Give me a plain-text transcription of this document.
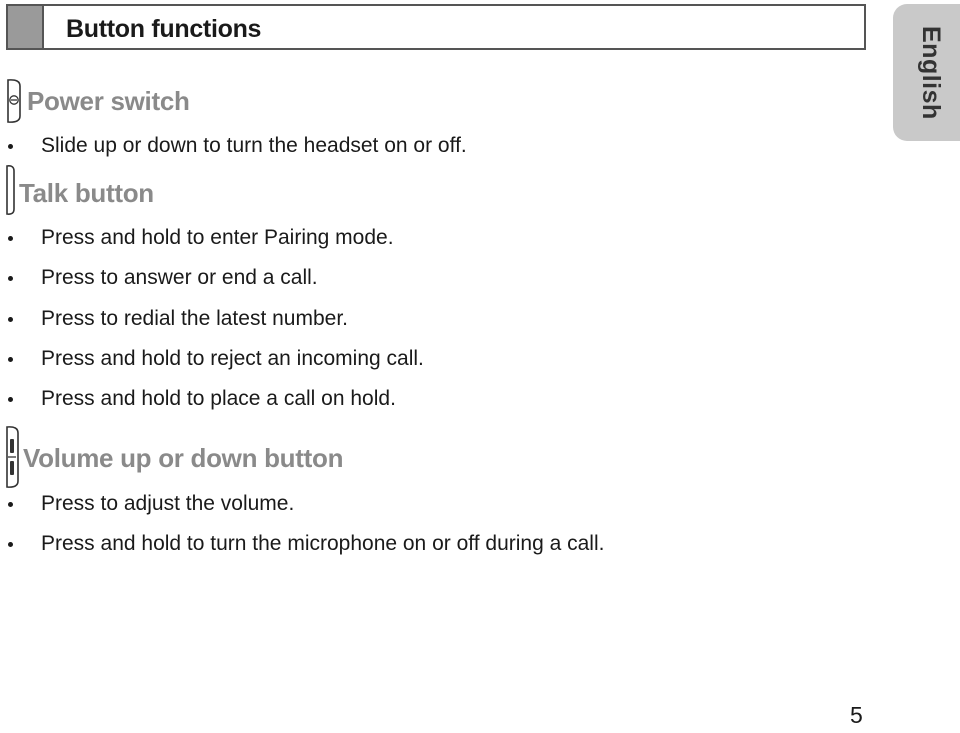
Button functions	English
Power switch
Slide up or down to turn the headset on or off.
Talk button
Press and hold to enter Pairing mode.
Press to answer or end a call.
Press to redial the latest number.
Press and hold to reject an incoming call.
Press and hold to place a call on hold.
Volume up or down button
Press to adjust the volume.
Press and hold to turn the microphone on or off during a call.
5
